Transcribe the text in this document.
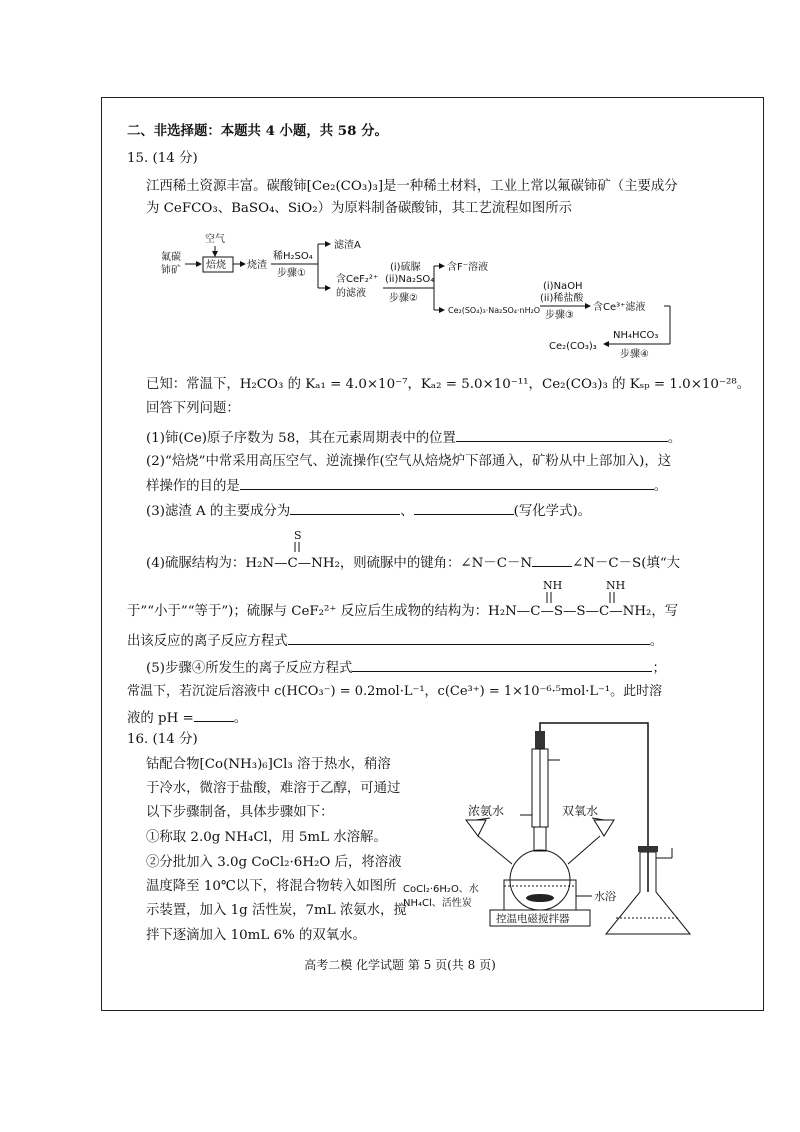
二、非选择题：本题共 4 小题，共 58 分。
15. (14 分)
江西稀土资源丰富。碳酸铈[Ce₂(CO₃)₃]是一种稀土材料，工业上常以氟碳铈矿（主要成分
为 CeFCO₃、BaSO₄、SiO₂）为原料制备碳酸铈，其工艺流程如图所示
氟碳
铈矿
空气
焙烧 烧渣
稀H₂SO₄
步骤①
滤渣A
含CeF₂²⁺
的滤液
(i)硫脲
(ii)Na₂SO₄
步骤②
含F⁻溶液
Ce₂(SO₄)₃·Na₂SO₄·nH₂O
(i)NaOH
(ii)稀盐酸
步骤③
含Ce³⁺滤液
NH₄HCO₃
步骤④
Ce₂(CO₃)₃
已知：常温下，H₂CO₃ 的 Kₐ₁ = 4.0×10⁻⁷，Kₐ₂ = 5.0×10⁻¹¹，Ce₂(CO₃)₃ 的 Kₛₚ = 1.0×10⁻²⁸。
回答下列问题：
(1)铈(Ce)原子序数为 58，其在元素周期表中的位置	。
(2)“焙烧”中常采用高压空气、逆流操作(空气从焙烧炉下部通入，矿粉从中上部加入)，这
样操作的目的是	。
(3)滤渣 A 的主要成分为	、	(写化学式)。
S
(4)硫脲结构为：H₂N—C—NH₂，则硫脲中的键角：∠N－C－N	∠N－C－S(填“大
NH	NH
于”“小于”“等于”)；硫脲与 CeF₂²⁺ 反应后生成物的结构为：H₂N—C—S—S—C—NH₂，写
出该反应的离子反应方程式	。
(5)步骤④所发生的离子反应方程式	；
常温下，若沉淀后溶液中 c(HCO₃⁻) = 0.2mol·L⁻¹，c(Ce³⁺) = 1×10⁻⁶·⁵mol·L⁻¹。此时溶
液的 pH =	。
16. (14 分)
钴配合物[Co(NH₃)₆]Cl₃ 溶于热水，稍溶
于冷水，微溶于盐酸，难溶于乙醇，可通过
以下步骤制备，具体步骤如下：
①称取 2.0g NH₄Cl，用 5mL 水溶解。
②分批加入 3.0g CoCl₂·6H₂O 后，将溶液
温度降至 10℃以下，将混合物转入如图所
示装置，加入 1g 活性炭，7mL 浓氨水，搅
拌下逐滴加入 10mL 6% 的双氧水。
浓氨水	双氧水
水浴
CoCl₂·6H₂O、水
NH₄Cl、活性炭
控温电磁搅拌器
高考二模 化学试题 第 5 页(共 8 页)
